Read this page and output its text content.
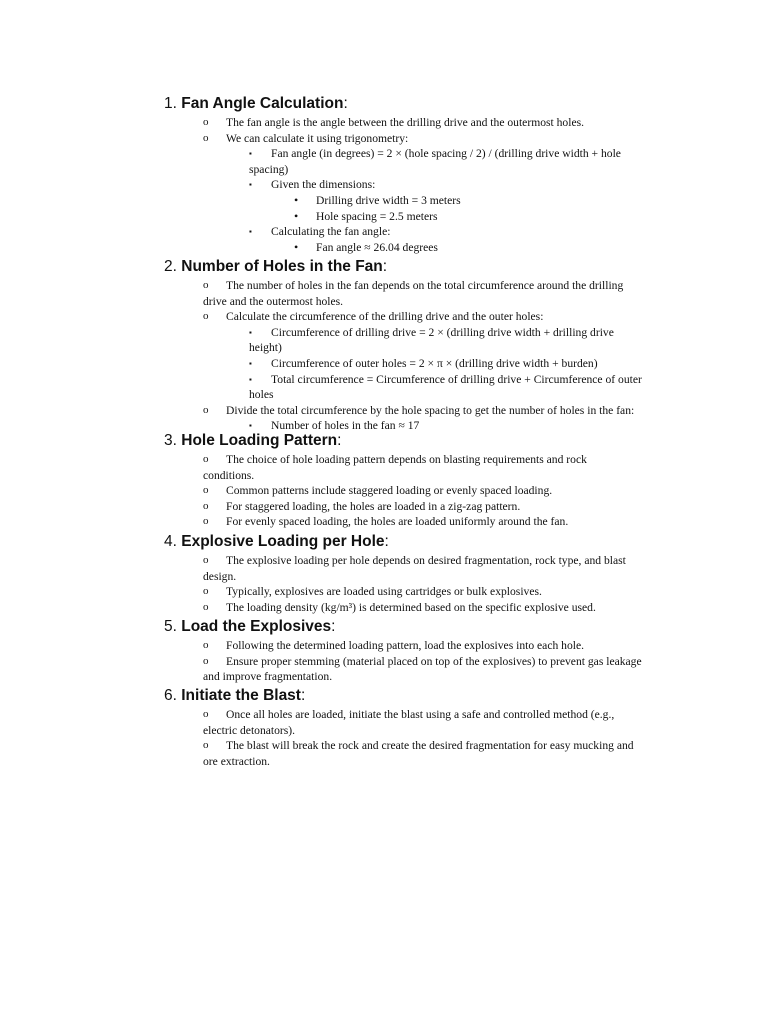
1. Fan Angle Calculation:
o The fan angle is the angle between the drilling drive and the outermost holes.
o We can calculate it using trigonometry:
▪ Fan angle (in degrees) = 2 × (hole spacing / 2) / (drilling drive width + hole
spacing)
▪ Given the dimensions:
• Drilling drive width = 3 meters
• Hole spacing = 2.5 meters
▪ Calculating the fan angle:
• Fan angle ≈ 26.04 degrees
2. Number of Holes in the Fan:
o The number of holes in the fan depends on the total circumference around the drilling
drive and the outermost holes.
o Calculate the circumference of the drilling drive and the outer holes:
▪ Circumference of drilling drive = 2 × (drilling drive width + drilling drive
height)
▪ Circumference of outer holes = 2 × π × (drilling drive width + burden)
▪ Total circumference = Circumference of drilling drive + Circumference of outer
holes
o Divide the total circumference by the hole spacing to get the number of holes in the fan:
▪ Number of holes in the fan ≈ 17
3. Hole Loading Pattern:
o The choice of hole loading pattern depends on blasting requirements and rock
conditions.
o Common patterns include staggered loading or evenly spaced loading.
o For staggered loading, the holes are loaded in a zig-zag pattern.
o For evenly spaced loading, the holes are loaded uniformly around the fan.
4. Explosive Loading per Hole:
o The explosive loading per hole depends on desired fragmentation, rock type, and blast
design.
o Typically, explosives are loaded using cartridges or bulk explosives.
o The loading density (kg/m³) is determined based on the specific explosive used.
5. Load the Explosives:
o Following the determined loading pattern, load the explosives into each hole.
o Ensure proper stemming (material placed on top of the explosives) to prevent gas leakage
and improve fragmentation.
6. Initiate the Blast:
o Once all holes are loaded, initiate the blast using a safe and controlled method (e.g.,
electric detonators).
o The blast will break the rock and create the desired fragmentation for easy mucking and
ore extraction.
